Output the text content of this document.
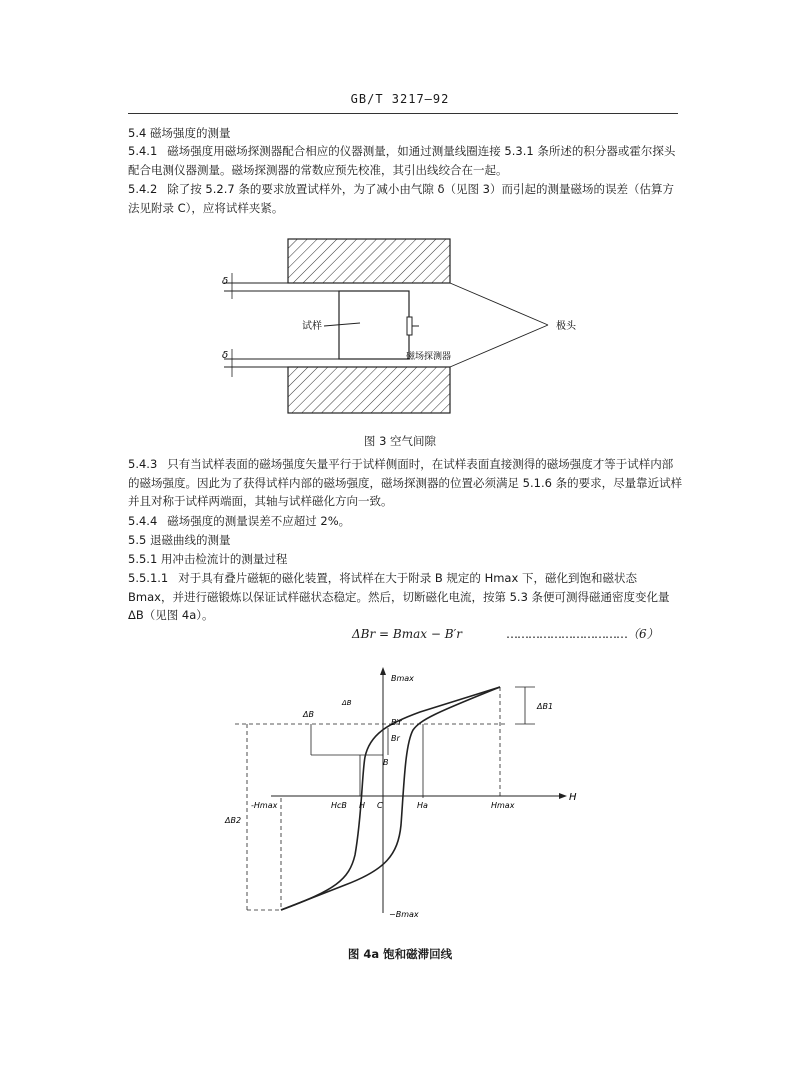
GB/T 3217—92

5.4 磁场强度的测量

5.4.1 磁场强度用磁场探测器配合相应的仪器测量，如通过测量线圈连接 5.3.1 条所述的积分器或霍尔探头配合电测仪器测量。磁场探测器的常数应预先校准，其引出线绞合在一起。

5.4.2 除了按 5.2.7 条的要求放置试样外，为了减小由气隙 δ（见图 3）而引起的测量磁场的误差（估算方法见附录 C），应将试样夹紧。

δ
δ
极头
试样
磁场探测器
图 3 空气间隙

5.4.3 只有当试样表面的磁场强度矢量平行于试样侧面时，在试样表面直接测得的磁场强度才等于试样内部的磁场强度。因此为了获得试样内部的磁场强度，磁场探测器的位置必须满足 5.1.6 条的要求，尽量靠近试样并且对称于试样两端面，其轴与试样磁化方向一致。

5.4.4 磁场强度的测量误差不应超过 2%。

5.5 退磁曲线的测量

5.5.1 用冲击检流计的测量过程

5.5.1.1 对于具有叠片磁轭的磁化装置，将试样在大于附录 B 规定的 Hmax 下，磁化到饱和磁状态 Bmax，并进行磁锻炼以保证试样磁状态稳定。然后，切断磁化电流，按第 5.3 条便可测得磁通密度变化量 ΔB（见图 4a）。

ΔBr = Bmax − B′r	……………………………（6）
H
Bmax
−Bmax
-Hmax	HcB H C	Ha	Hmax
ΔB
ΔB	ΔB1
ΔB2
B′r
Br
B
图 4a 饱和磁滞回线
